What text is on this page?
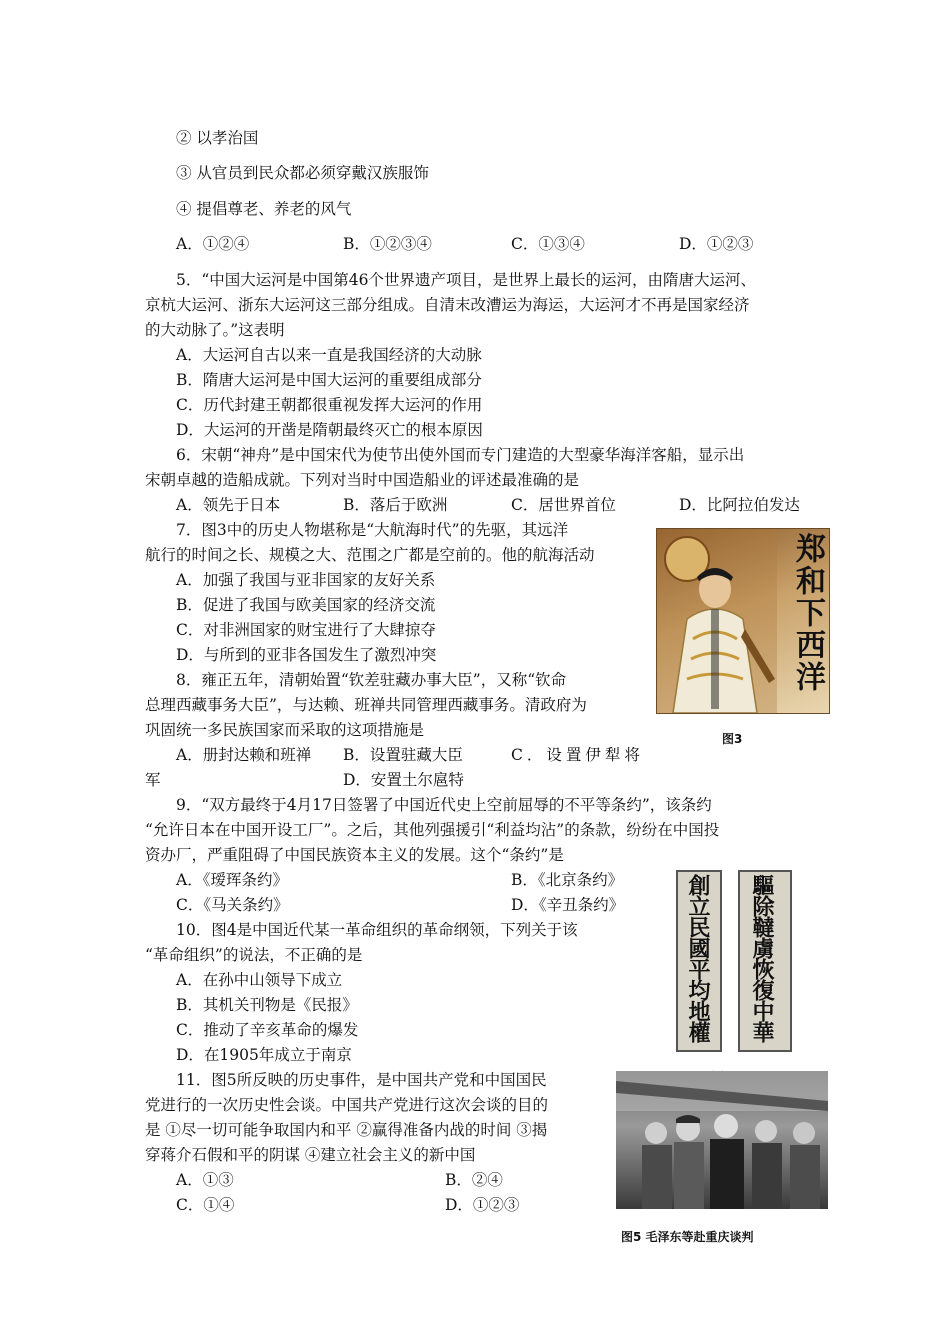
② 以孝治国
③ 从官员到民众都必须穿戴汉族服饰
④ 提倡尊老、养老的风气
A．①②④	B．①②③④	C．①③④	D．①②③
5．“中国大运河是中国第46个世界遗产项目，是世界上最长的运河，由隋唐大运河、
京杭大运河、浙东大运河这三部分组成。自清末改漕运为海运，大运河才不再是国家经济
的大动脉了。”这表明
A．大运河自古以来一直是我国经济的大动脉
B．隋唐大运河是中国大运河的重要组成部分
C．历代封建王朝都很重视发挥大运河的作用
D．大运河的开凿是隋朝最终灭亡的根本原因
6．宋朝“神舟”是中国宋代为使节出使外国而专门建造的大型豪华海洋客船，显示出
宋朝卓越的造船成就。下列对当时中国造船业的评述最准确的是
A．领先于日本	B．落后于欧洲	C．居世界首位	D．比阿拉伯发达
7．图3中的历史人物堪称是“大航海时代”的先驱，其远洋
航行的时间之长、规模之大、范围之广都是空前的。他的航海活动
A．加强了我国与亚非国家的友好关系
B．促进了我国与欧美国家的经济交流
C．对非洲国家的财宝进行了大肆掠夺
D．与所到的亚非各国发生了激烈冲突
8．雍正五年，清朝始置“钦差驻藏办事大臣”，又称“钦命
总理西藏事务大臣”，与达赖、班禅共同管理西藏事务。清政府为
巩固统一多民族国家而采取的这项措施是
A．册封达赖和班禅 B．设置驻藏大臣	C．设置伊犁将
军	D．安置土尔扈特
9．“双方最终于4月17日签署了中国近代史上空前屈辱的不平等条约”，该条约
“允许日本在中国开设工厂”。之后，其他列强援引“利益均沾”的条款，纷纷在中国投
资办厂，严重阻碍了中国民族资本主义的发展。这个“条约”是
A．《瑷珲条约》	B．《北京条约》
C．《马关条约》	D．《辛丑条约》
10．图4是中国近代某一革命组织的革命纲领，下列关于该
“革命组织”的说法，不正确的是
A．在孙中山领导下成立
B．其机关刊物是《民报》
C．推动了辛亥革命的爆发
D．在1905年成立于南京
11．图5所反映的历史事件，是中国共产党和中国国民
党进行的一次历史性会谈。中国共产党进行这次会谈的目的
是 ①尽一切可能争取国内和平 ②赢得准备内战的时间 ③揭
穿蒋介石假和平的阴谋 ④建立社会主义的新中国
A．①③	B．②④
C．①④	D．①②③
郑和下西洋
图3
創立民國平均地權 驅除韃虜恢復中華
图5 毛泽东等赴重庆谈判
